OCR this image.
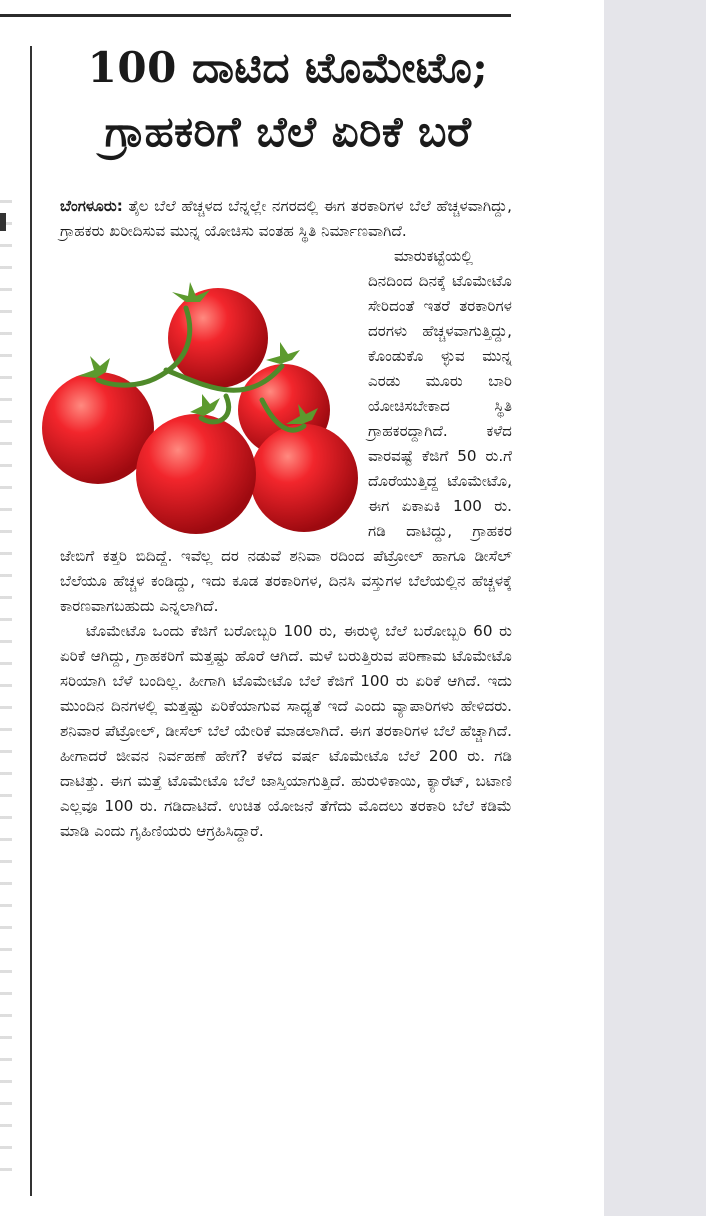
100 ದಾಟಿದ ಟೊಮೇಟೊ;
ಗ್ರಾಹಕರಿಗೆ ಬೆಲೆ ಏರಿಕೆ ಬರೆ

ಬೆಂಗಳೂರು: ತೈಲ ಬೆಲೆ ಹೆಚ್ಚಳದ ಬೆನ್ನಲ್ಲೇ ನಗರದಲ್ಲಿ ಈಗ ತರಕಾರಿಗಳ ಬೆಲೆ ಹೆಚ್ಚಳವಾಗಿದ್ದು, ಗ್ರಾಹಕರು ಖರೀದಿಸುವ ಮುನ್ನ ಯೋಚಿಸು ವಂತಹ ಸ್ಥಿತಿ ನಿರ್ಮಾಣವಾಗಿದೆ.

ಮಾರುಕಟ್ಟೆಯಲ್ಲಿ ದಿನದಿಂದ ದಿನಕ್ಕೆ ಟೊಮೇಟೊ ಸೇರಿದಂತೆ ಇತರೆ ತರಕಾರಿಗಳ ದರಗಳು ಹೆಚ್ಚಳವಾಗುತ್ತಿದ್ದು, ಕೊಂಡುಕೊ ಳ್ಳುವ ಮುನ್ನ ಎರಡು ಮೂರು ಬಾರಿ ಯೋಚಿಸಬೇಕಾದ ಸ್ಥಿತಿ ಗ್ರಾಹಕರದ್ದಾಗಿದೆ. ಕಳೆದ ವಾರವಷ್ಟೆ ಕೆಜಿಗೆ 50 ರು.ಗೆ ದೊರೆಯುತ್ತಿದ್ದ ಟೊಮೇಟೊ, ಈಗ ಏಕಾಏಕಿ 100 ರು. ಗಡಿ ದಾಟಿದ್ದು, ಗ್ರಾಹಕರ ಜೇಬಿಗೆ ಕತ್ತರಿ ಬಿದಿದ್ದೆ. ಇವೆಲ್ಲ ದರ ನಡುವೆ ಶನಿವಾ ರದಿಂದ ಪೆಟ್ರೋಲ್ ಹಾಗೂ ಡೀಸೆಲ್ ಬೆಲೆಯೂ ಹೆಚ್ಚಳ ಕಂಡಿದ್ದು, ಇದು ಕೂಡ ತರಕಾರಿಗಳ, ದಿನಸಿ ವಸ್ತುಗಳ ಬೆಲೆಯಲ್ಲಿನ ಹೆಚ್ಚಳಕ್ಕೆ ಕಾರಣವಾಗಬಹುದು ಎನ್ನಲಾಗಿದೆ.

ಟೊಮೇಟೊ ಒಂದು ಕೆಜಿಗೆ ಬರೋಬ್ಬರಿ 100 ರು, ಈರುಳ್ಳಿ ಬೆಲೆ ಬರೋಬ್ಬರಿ 60 ರು ಏರಿಕೆ ಆಗಿದ್ದು, ಗ್ರಾಹಕರಿಗೆ ಮತ್ತಷ್ಟು ಹೊರೆ ಆಗಿದೆ. ಮಳೆ ಬರುತ್ತಿರುವ ಪರಿಣಾಮ ಟೊಮೇಟೊ ಸರಿಯಾಗಿ ಬೆಳೆ ಬಂದಿಲ್ಲ. ಹೀಗಾಗಿ ಟೊಮೇಟೊ ಬೆಲೆ ಕೆಜಿಗೆ 100 ರು ಏರಿಕೆ ಆಗಿದೆ. ಇದು ಮುಂದಿನ ದಿನಗಳಲ್ಲಿ ಮತ್ತಷ್ಟು ಏರಿಕೆಯಾಗುವ ಸಾಧ್ಯತೆ ಇದೆ ಎಂದು ವ್ಯಾಪಾರಿಗಳು ಹೇಳಿದರು. ಶನಿವಾರ ಪೆಟ್ರೋಲ್, ಡೀಸೆಲ್ ಬೆಲೆ ಯೇರಿಕೆ ಮಾಡಲಾಗಿದೆ. ಈಗ ತರಕಾರಿಗಳ ಬೆಲೆ ಹೆಚ್ಚಾಗಿದೆ. ಹೀಗಾದರೆ ಜೀವನ ನಿರ್ವಹಣೆ ಹೇಗೆ? ಕಳೆದ ವರ್ಷ ಟೊಮೇಟೊ ಬೆಲೆ 200 ರು. ಗಡಿ ದಾಟಿತ್ತು. ಈಗ ಮತ್ತೆ ಟೊಮೇಟೊ ಬೆಲೆ ಜಾಸ್ತಿಯಾಗುತ್ತಿದೆ. ಹುರುಳಿಕಾಯಿ, ಕ್ಯಾರೆಟ್, ಬಟಾಣಿ ಎಲ್ಲವೂ 100 ರು. ಗಡಿದಾಟಿದೆ. ಉಚಿತ ಯೋಜನೆ ತೆಗೆದು ಮೊದಲು ತರಕಾರಿ ಬೆಲೆ ಕಡಿಮೆ ಮಾಡಿ ಎಂದು ಗೃಹಿಣಿಯರು ಆಗ್ರಹಿಸಿದ್ದಾರೆ.
